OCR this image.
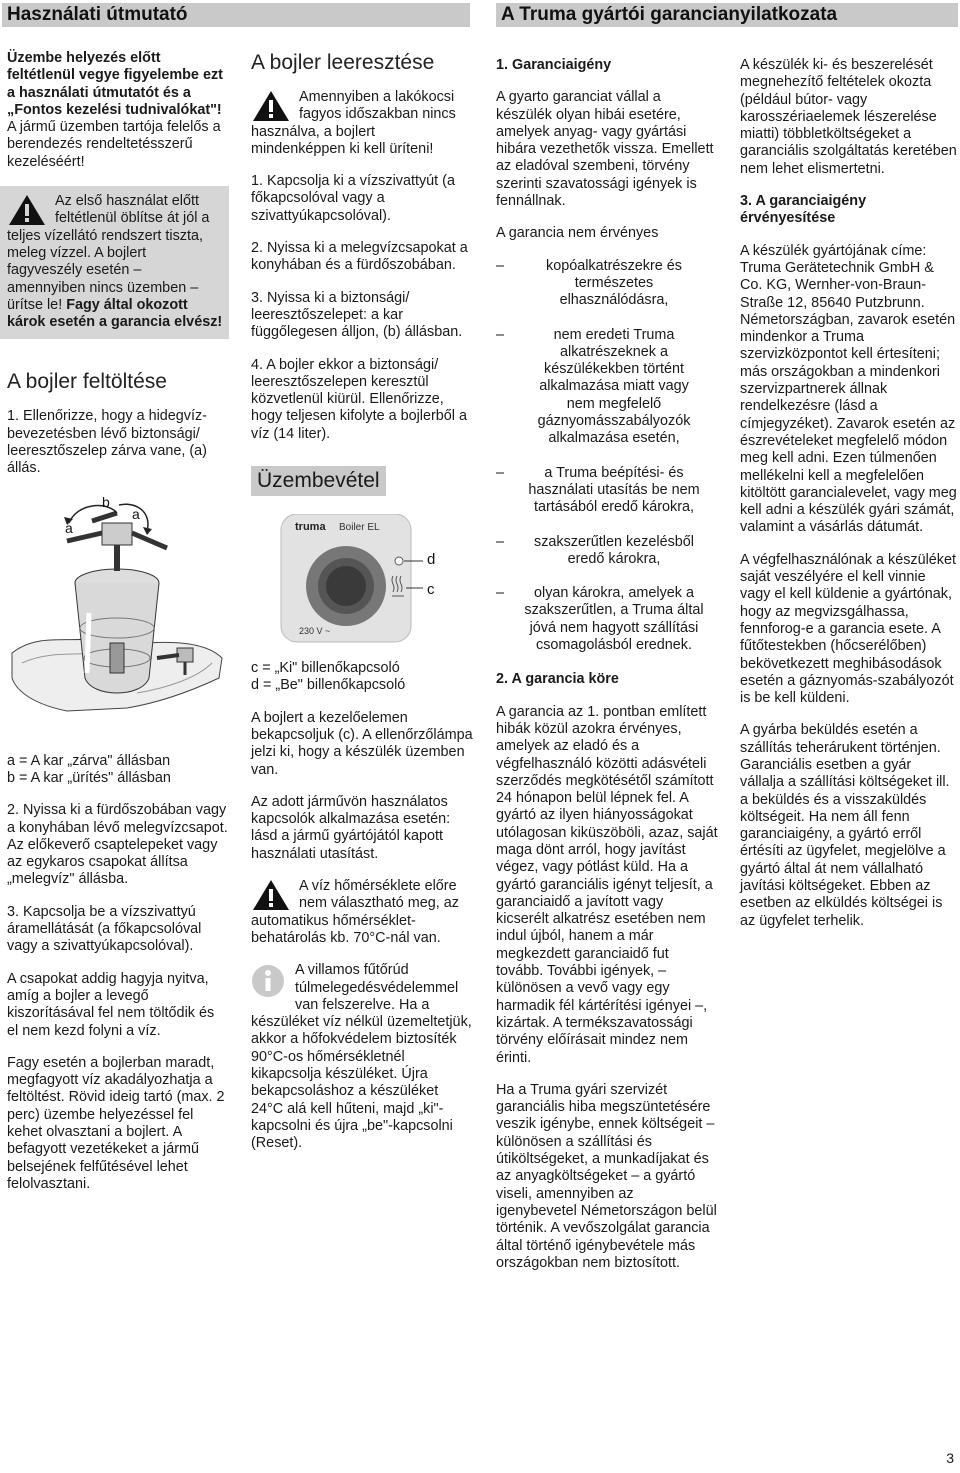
Használati útmutató	A Truma gyártói garancianyilatkozata
Üzembe helyezés előtt feltétlenül vegye figyelembe ezt a használati útmutatót és a „Fontos kezelési tudnivalókat"! A jármű üzemben tartója felelős a berendezés rendeltetésszerű kezeléséért!
Az első használat előtt feltétlenül öblítse át jól a teljes vízellátó rendszert tiszta, meleg vízzel. A bojlert fagyveszély esetén – amennyiben nincs üzemben – ürítse le! Fagy által okozott károk esetén a garancia elvész!
A bojler feltöltése
1. Ellenőrizze, hogy a hidegvíz-bevezetésben lévő biztonsági/ leeresztőszelep zárva vane, (a) állás.
a
b
a
a = A kar „zárva" állásban
b = A kar „ürítés" állásban
2. Nyissa ki a fürdőszobában vagy a konyhában lévő melegvízcsapot. Az előkeverő csaptelepeket vagy az egykaros csapokat állítsa „melegvíz" állásba.
3. Kapcsolja be a vízszivattyú áramellátását (a főkapcsolóval vagy a szivattyúkapcsolóval).
A csapokat addig hagyja nyitva, amíg a bojler a levegő kiszorításával fel nem töltődik és el nem kezd folyni a víz.
Fagy esetén a bojlerban maradt, megfagyott víz akadályozhatja a feltöltést. Rövid ideig tartó (max. 2 perc) üzembe helyezéssel fel kehet olvasztani a bojlert. A befagyott vezetékeket a jármű belsejének felfűtésével lehet felolvasztani.
A bojler leeresztése
Amennyiben a lakókocsi fagyos időszakban nincs használva, a bojlert mindenképpen ki kell üríteni!
1. Kapcsolja ki a vízszivattyút (a főkapcsolóval vagy a szivattyúkapcsolóval).
2. Nyissa ki a melegvízcsapokat a konyhában és a fürdőszobában.
3. Nyissa ki a biztonsági/ leeresztőszelepet: a kar függőlegesen álljon, (b) állásban.
4. A bojler ekkor a biztonsági/ leeresztőszelepen keresztül közvetlenül kiürül. Ellenőrizze, hogy teljesen kifolyte a bojlerből a víz (14 liter).
Üzembevétel
truma Boiler EL
230 V ~
d
c
c = „Ki" billenőkapcsoló
d = „Be" billenőkapcsoló
A bojlert a kezelőelemen bekapcsoljuk (c). A ellenőrzőlámpa jelzi ki, hogy a készülék üzemben van.
Az adott járművön használatos kapcsolók alkalmazása esetén: lásd a jármű gyártójától kapott használati utasítást.
A víz hőmérséklete előre nem választható meg, az automatikus hőmérséklet-behatárolás kb. 70°C-nál van.
A villamos fűtőrúd túlmelegedésvédelemmel van felszerelve. Ha a készüléket víz nélkül üzemeltetjük, akkor a hőfokvédelem biztosíték 90°C-os hőmérsékletnél kikapcsolja készüléket. Újra bekapcsoláshoz a készüléket 24°C alá kell hűteni, majd „ki"-kapcsolni és újra „be"-kapcsolni (Reset).
1. Garanciaigény
A gyarto garanciat vállal a készülék olyan hibái esetére, amelyek anyag- vagy gyártási hibára vezethetők vissza. Emellett az eladóval szembeni, törvény szerinti szavatossági igények is fennállnak.
A garancia nem érvényes
– kopóalkatrészekre és
természetes
elhasználódásra,
– nem eredeti Truma
alkatrészeknek a
készülékekben történt
alkalmazása miatt vagy
nem megfelelő
gáznyomásszabályozók
alkalmazása esetén,
– a Truma beépítési- és
használati utasítás be nem
tartásából eredő károkra,
– szakszerűtlen kezelésből
eredő károkra,
– olyan károkra, amelyek a
szakszerűtlen, a Truma által
jóvá nem hagyott szállítási
csomagolásból erednek.
2. A garancia köre
A garancia az 1. pontban említett hibák közül azokra érvényes, amelyek az eladó és a végfelhasználó közötti adásvételi szerződés megkötésétől számított 24 hónapon belül lépnek fel. A gyártó az ilyen hiányosságokat utólagosan kiküszöböli, azaz, saját maga dönt arról, hogy javítást végez, vagy pótlást küld. Ha a gyártó garanciális igényt teljesít, a garanciaidő a javított vagy kicserélt alkatrész esetében nem indul újból, hanem a már megkezdett garanciaidő fut tovább. További igények, – különösen a vevő vagy egy harmadik fél kártérítési igényei –, kizártak. A termékszavatossági törvény előírásait mindez nem érinti.
Ha a Truma gyári szervizét garanciális hiba megszüntetésére veszik igénybe, ennek költségeit – különösen a szállítási és útiköltségeket, a munkadíjakat és az anyagköltségeket – a gyártó viseli, amennyiben az igenybevetel Németországon belül történik. A vevőszolgálat garancia által történő igénybevétele más országokban nem biztosított.
A készülék ki- és beszerelését megnehezítő feltételek okozta (például bútor- vagy karosszériaelemek lészerelése miatti) többletköltségeket a garanciális szolgáltatás keretében nem lehet elismertetni.
3. A garanciaigény érvényesítése
A készülék gyártójának címe: Truma Gerätetechnik GmbH & Co. KG, Wernher-von-Braun-Straße 12, 85640 Putzbrunn. Németországban, zavarok esetén mindenkor a Truma szervizközpontot kell értesíteni; más országokban a mindenkori szervizpartnerek állnak rendelkezésre (lásd a címjegyzéket). Zavarok esetén az észrevételeket megfelelő módon meg kell adni. Ezen túlmenően mellékelni kell a megfelelően kitöltött garancialevelet, vagy meg kell adni a készülék gyári számát, valamint a vásárlás dátumát.
A végfelhasználónak a készüléket saját veszélyére el kell vinnie vagy el kell küldenie a gyártónak, hogy az megvizsgálhassa, fennforog-e a garancia esete. A fűtőtestekben (hőcserélőben) bekövetkezett meghibásodások esetén a gáznyomás-szabályozót is be kell küldeni.
A gyárba beküldés esetén a szállítás teherárukent történjen. Garanciális esetben a gyár vállalja a szállítási költségeket ill. a beküldés és a visszaküldés költségeit. Ha nem áll fenn garanciaigény, a gyártó erről értésíti az ügyfelet, megjelölve a gyártó által át nem vállalható javítási költségeket. Ebben az esetben az elküldés költségei is az ügyfelet terhelik.
3
